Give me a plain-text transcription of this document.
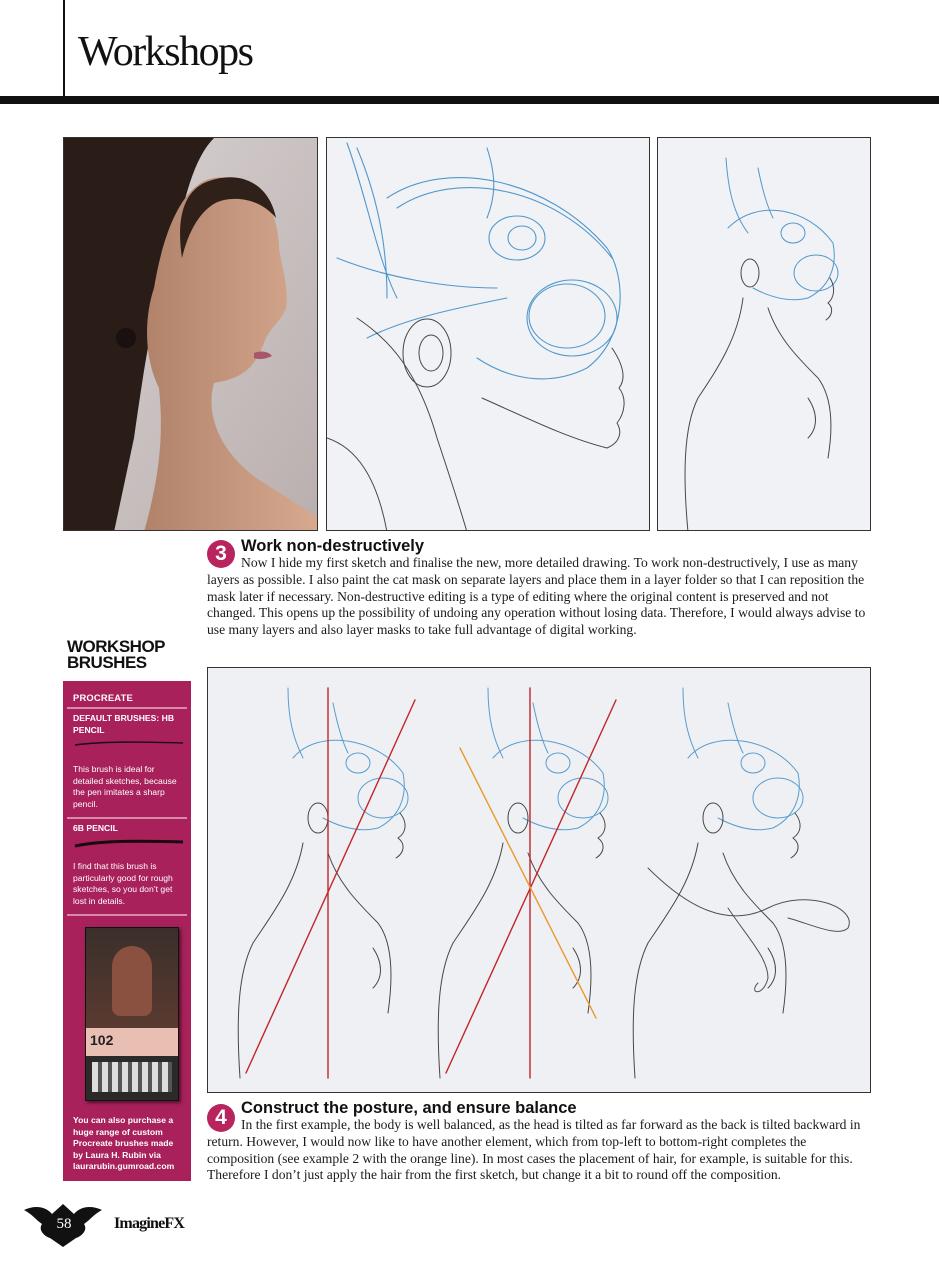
Workshops
3 Work non-destructively

Now I hide my first sketch and finalise the new, more detailed drawing. To work non-destructively, I use as many layers as possible. I also paint the cat mask on separate layers and place them in a layer folder so that I can reposition the mask later if necessary. Non-destructive editing is a type of editing where the original content is preserved and not changed. This opens up the possibility of undoing any operation without losing data. Therefore, I would always advise to use many layers and also layer masks to take full advantage of digital working.

WORKSHOP
BRUSHES
PROCREATE
DEFAULT BRUSHES: HB PENCIL
This brush is ideal for detailed sketches, because the pen imitates a sharp pencil.
6B PENCIL
I find that this brush is particularly good for rough sketches, so you don’t get lost in details.
102
You can also purchase a huge range of custom Procreate brushes made by Laura H. Rubin via laurarubin.gumroad.com
4 Construct the posture, and ensure balance

In the first example, the body is well balanced, as the head is tilted as far forward as the back is tilted backward in return. However, I would now like to have another element, which from top-left to bottom-right completes the composition (see example 2 with the orange line). In most cases the placement of hair, for example, is suitable for this. Therefore I don’t just apply the hair from the first sketch, but change it a bit to round off the composition.

58	ImagineFX
